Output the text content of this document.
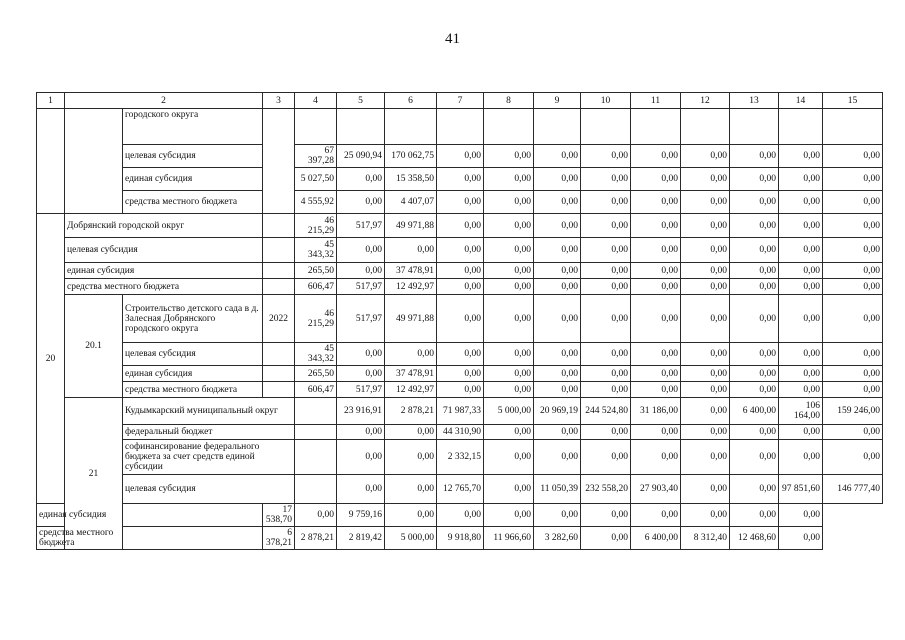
41
1	2		3	4	5	6	7	8	9	10	11	12	13	14	15	
		городского округа														
		целевая субсидия		67 397,28	25 090,94	170 062,75	0,00	0,00	0,00	0,00	0,00	0,00	0,00	0,00	0,00	
		единая субсидия		5 027,50	0,00	15 358,50	0,00	0,00	0,00	0,00	0,00	0,00	0,00	0,00	0,00	
		средства местного бюджета		4 555,92	0,00	4 407,07	0,00	0,00	0,00	0,00	0,00	0,00	0,00	0,00	0,00	
20	Добрянский городской округ			46 215,29	517,97	49 971,88	0,00	0,00	0,00	0,00	0,00	0,00	0,00	0,00	0,00	
	целевая субсидия			45 343,32	0,00	0,00	0,00	0,00	0,00	0,00	0,00	0,00	0,00	0,00	0,00	
	единая субсидия			265,50	0,00	37 478,91	0,00	0,00	0,00	0,00	0,00	0,00	0,00	0,00	0,00	
	средства местного бюджета			606,47	517,97	12 492,97	0,00	0,00	0,00	0,00	0,00	0,00	0,00	0,00	0,00	
	20.1	Строительство детского сада в д. Залесная Добрянского городского округа	2022	46 215,29	517,97	49 971,88	0,00	0,00	0,00	0,00	0,00	0,00	0,00	0,00	0,00	
		целевая субсидия		45 343,32	0,00	0,00	0,00	0,00	0,00	0,00	0,00	0,00	0,00	0,00	0,00	
		единая субсидия		265,50	0,00	37 478,91	0,00	0,00	0,00	0,00	0,00	0,00	0,00	0,00	0,00	
		средства местного бюджета		606,47	517,97	12 492,97	0,00	0,00	0,00	0,00	0,00	0,00	0,00	0,00	0,00	
	21	Кудымкарский муниципальный округ			23 916,91	2 878,21	71 987,33	5 000,00	20 969,19	244 524,80	31 186,00	0,00	6 400,00	106 164,00	159 246,00	
		федеральный бюджет			0,00	0,00	44 310,90	0,00	0,00	0,00	0,00	0,00	0,00	0,00	0,00	
		софинансирование федерального бюджета за счет средств единой субсидии			0,00	0,00	2 332,15	0,00	0,00	0,00	0,00	0,00	0,00	0,00	0,00	
		целевая субсидия			0,00	0,00	12 765,70	0,00	11 050,39	232 558,20	27 903,40	0,00	0,00	97 851,60	146 777,40	
единая субсидия			17 538,70	0,00	9 759,16	0,00	0,00	0,00	0,00	0,00	0,00	0,00	0,00	0,00		
средства местного бюджета			6 378,21	2 878,21	2 819,42	5 000,00	9 918,80	11 966,60	3 282,60	0,00	6 400,00	8 312,40	12 468,60	0,00		
